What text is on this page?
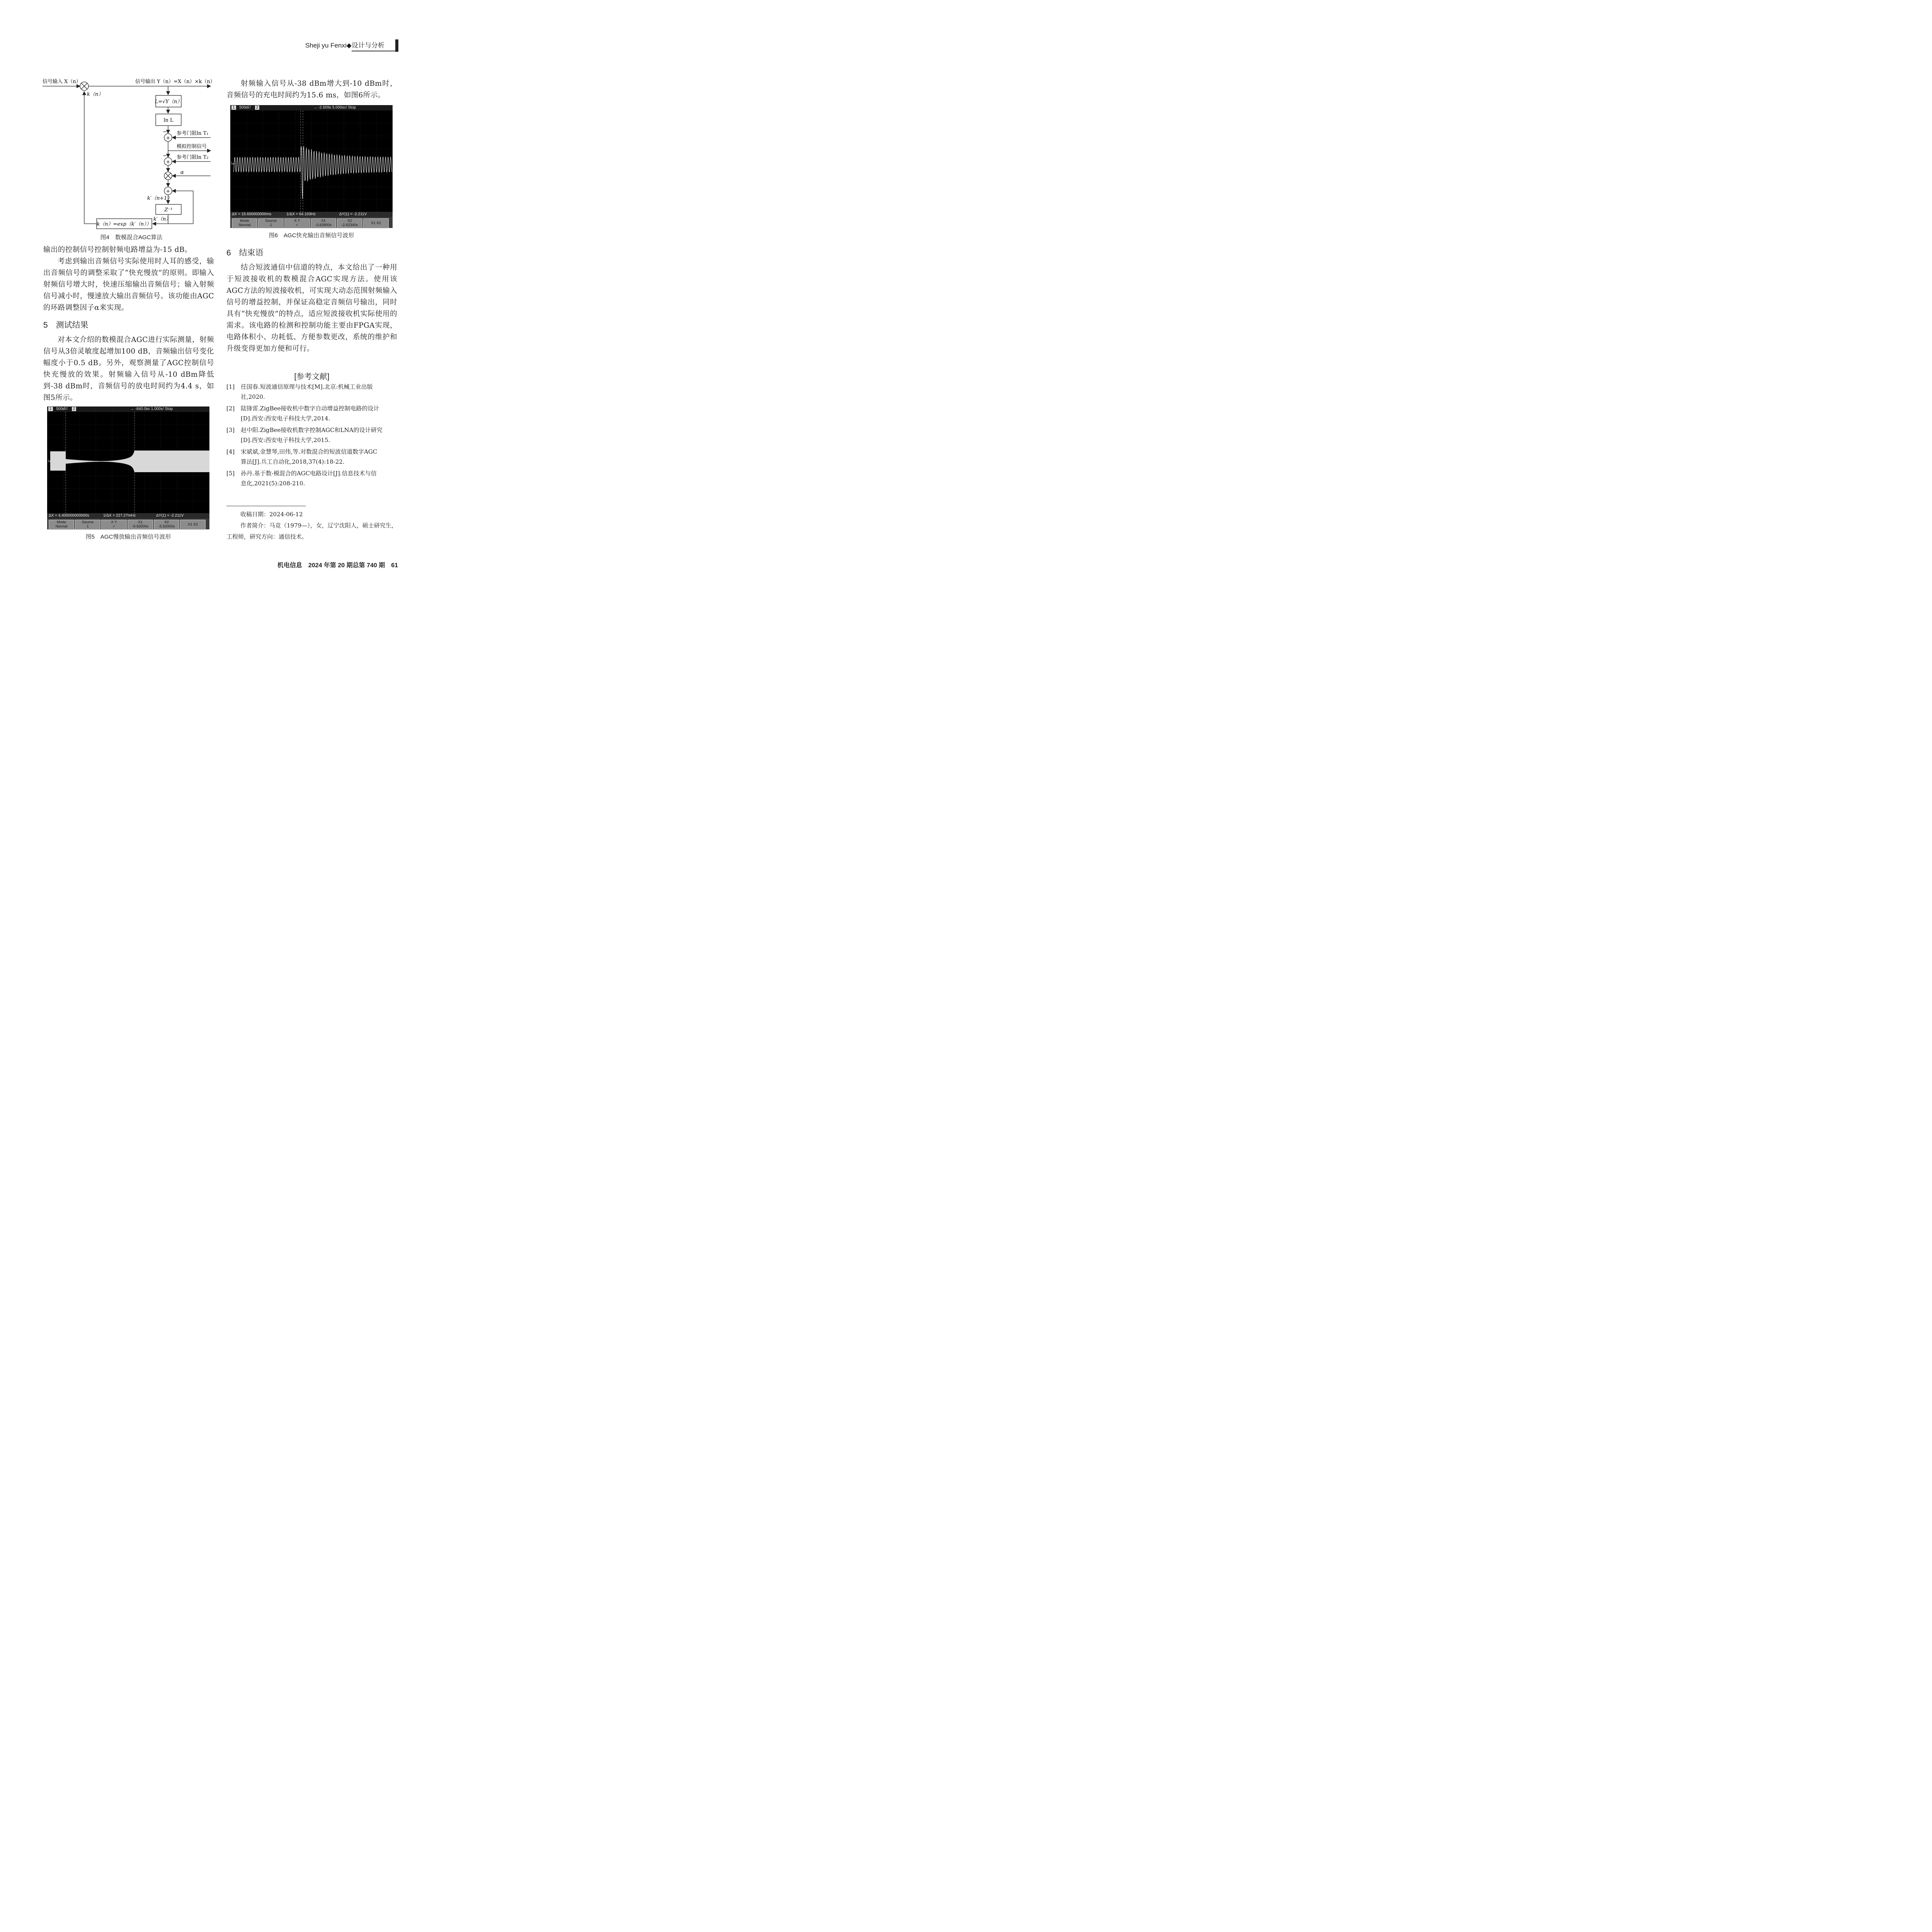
Sheji yu Fenxi◆设计与分析
信号输入 X（n）	信号输出 Y（n）=X（n）×k（n）
k（n）
L=√Y（n）
ln L
+
− 参考门限ln T₁
模拟控制信号
+
− 参考门限ln T₂
α
+
k′（n+1）
Z⁻¹
k′（n）
k（n）=exp（k′（n））
图4　数模混合AGC算法
输出的控制信号控制射频电路增益为-15 dB。
考虑到输出音频信号实际使用时人耳的感受，输出音频信号的调整采取了“快充慢放”的原则。即输入射频信号增大时，快速压缩输出音频信号；输入射频信号减小时，慢速放大输出音频信号。该功能由AGC的环路调整因子α来实现。
5　测试结果
对本文介绍的数模混合AGC进行实际测量，射频信号从3倍灵敏度起增加100 dB，音频输出信号变化幅度小于0.5 dB。另外，观察测量了AGC控制信号快充慢放的效果。射频输入信号从-10 dBm降低到-38 dBm时，音频信号的放电时间约为4.4 s，如图5所示。
1 500㎷/ 2	→ -840.0㎳ 1.000s/ Stop
1▸
ΔX = 4.400000000000s	1/ΔX = 227.27mHz	ΔY(1) = -2.211V
Mode
Normal
Source
1
X Y
✓
X1
-9.92000s
X2
-5.52000s	X1 X2
图5　AGC慢放输出音频信号波形
射频输入信号从-38 dBm增大到-10 dBm时，音频信号的充电时间约为15.6 ms，如图6所示。
1 500㎷/ 2	→ -2.609s 5.000㎳/ Stop
1▸
ΔX = 15.600000000ms	1/ΔX = 64.103Hz	ΔY(1) = -2.211V
Mode
Normal
Source
1
X Y
✓
X1
-2.63900s
X2
-2.62340s	X1 X2
图6　AGC快充输出音频信号波形
6　结束语
结合短波通信中信道的特点，本文给出了一种用于短波接收机的数模混合AGC实现方法。使用该AGC方法的短波接收机，可实现大动态范围射频输入信号的增益控制，并保证高稳定音频信号输出，同时具有“快充慢放”的特点，适应短波接收机实际使用的需求。该电路的检测和控制功能主要由FPGA实现，电路体积小、功耗低、方便参数更改，系统的维护和升级变得更加方便和可行。
[参考文献]
[1]	任国春.短波通信原理与技术[M].北京:机械工业出版
社,2020.
[2]	陆锋雷.ZigBee接收机中数字自动增益控制电路的设计
[D].西安:西安电子科技大学,2014.
[3]	赵中阳.ZigBee接收机数字控制AGC和LNA的设计研究
[D].西安:西安电子科技大学,2015.
[4]	宋斌斌,金慧琴,田伟,等.对数混合的短波信道数字AGC
算法[J].兵工自动化,2018,37(4):18-22.
[5]	孙丹.基于数-模混合的AGC电路设计[J].信息技术与信
息化,2021(5):208-210.
收稿日期：2024-06-12
作者简介：马竞（1979—），女，辽宁沈阳人，硕士研究生，
工程师，研究方向：通信技术。
机电信息　2024 年第 20 期总第 740 期　61
